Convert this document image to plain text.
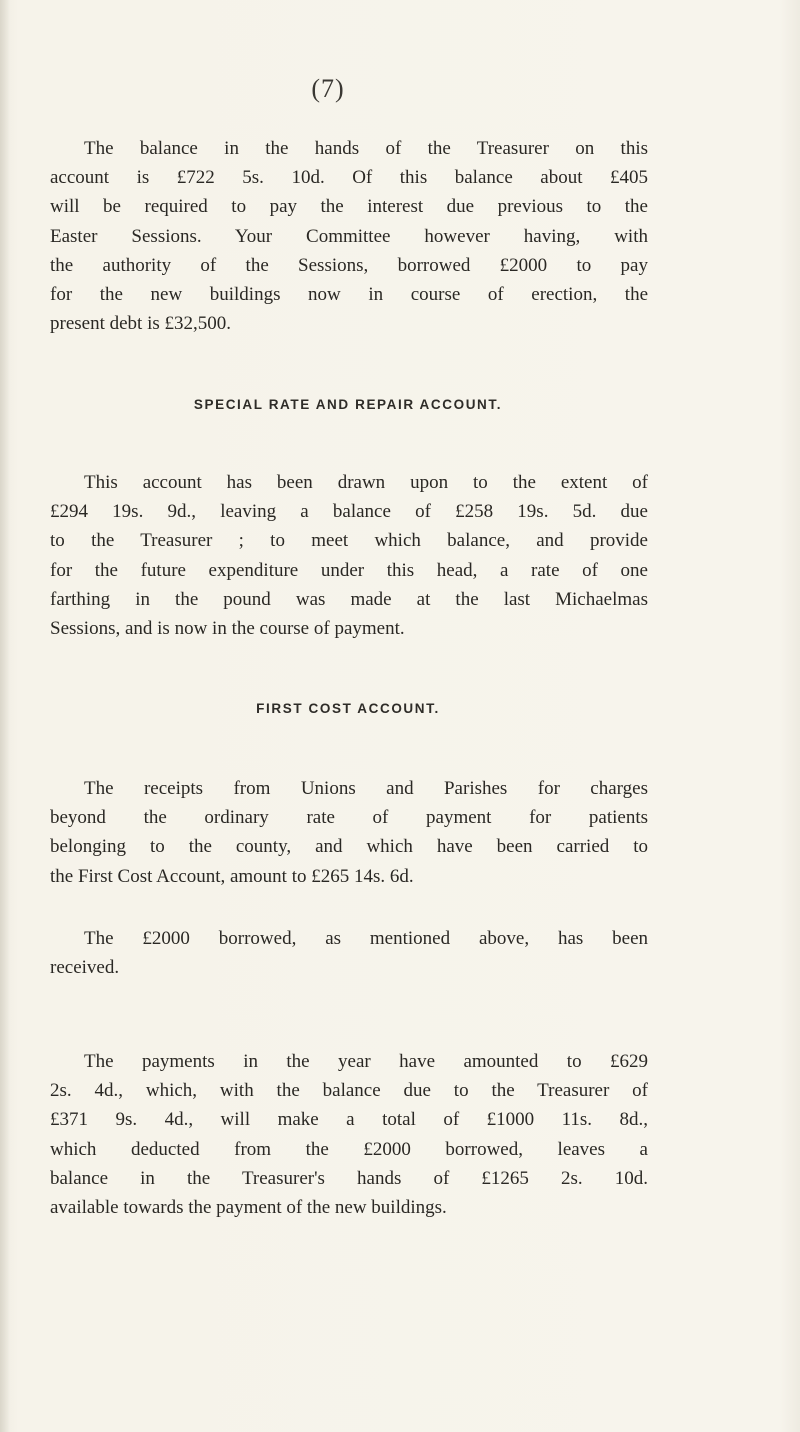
(7)
The balance in the hands of the Treasurer on this
account is £722 5s. 10d. Of this balance about £405
will be required to pay the interest due previous to the
Easter Sessions. Your Committee however having, with
the authority of the Sessions, borrowed £2000 to pay
for the new buildings now in course of erection, the
present debt is £32,500.
SPECIAL RATE AND REPAIR ACCOUNT.
This account has been drawn upon to the extent of
£294 19s. 9d., leaving a balance of £258 19s. 5d. due
to the Treasurer ; to meet which balance, and provide
for the future expenditure under this head, a rate of one
farthing in the pound was made at the last Michaelmas
Sessions, and is now in the course of payment.
FIRST COST ACCOUNT.
The receipts from Unions and Parishes for charges
beyond the ordinary rate of payment for patients
belonging to the county, and which have been carried to
the First Cost Account, amount to £265 14s. 6d.
The £2000 borrowed, as mentioned above, has been
received.
The payments in the year have amounted to £629
2s. 4d., which, with the balance due to the Treasurer of
£371 9s. 4d., will make a total of £1000 11s. 8d.,
which deducted from the £2000 borrowed, leaves a
balance in the Treasurer's hands of £1265 2s. 10d.
available towards the payment of the new buildings.
